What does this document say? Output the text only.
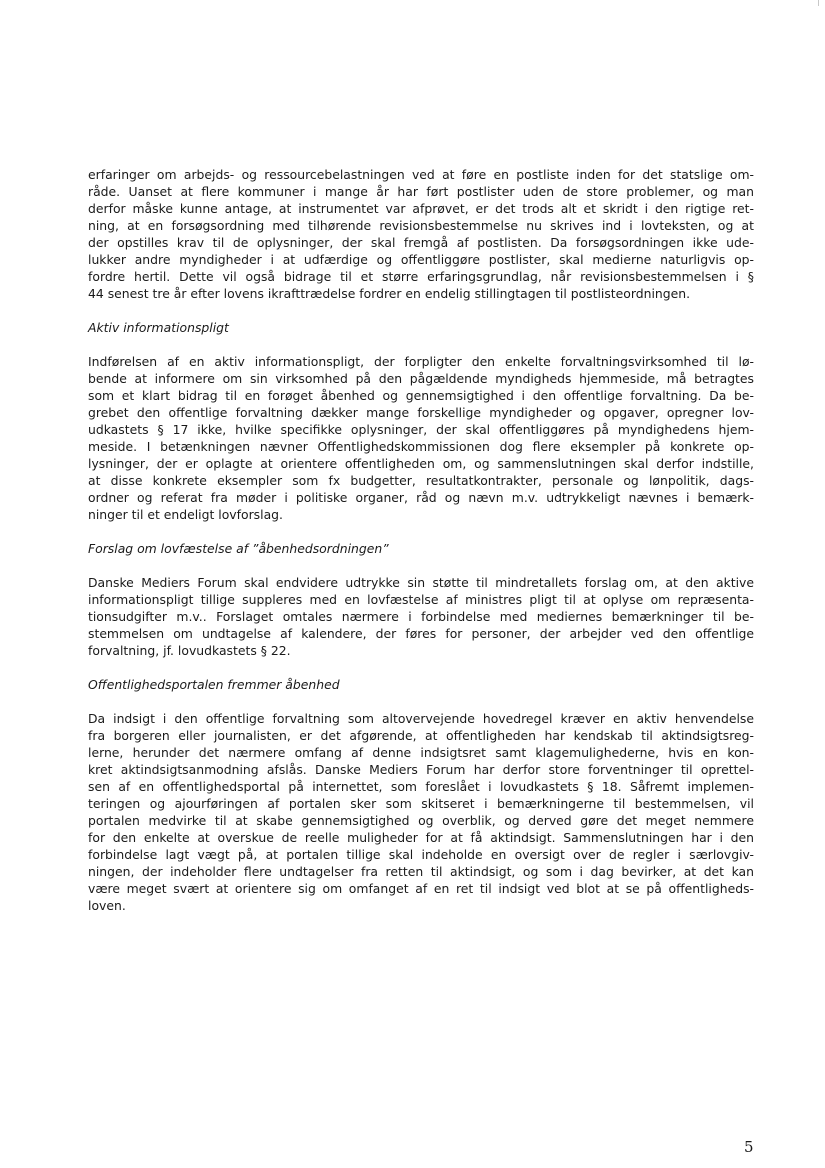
erfaringer om arbejds- og ressourcebelastningen ved at føre en postliste inden for det statslige om-
råde. Uanset at flere kommuner i mange år har ført postlister uden de store problemer, og man
derfor måske kunne antage, at instrumentet var afprøvet, er det trods alt et skridt i den rigtige ret-
ning, at en forsøgsordning med tilhørende revisionsbestemmelse nu skrives ind i lovteksten, og at
der opstilles krav til de oplysninger, der skal fremgå af postlisten. Da forsøgsordningen ikke ude-
lukker andre myndigheder i at udfærdige og offentliggøre postlister, skal medierne naturligvis op-
fordre hertil. Dette vil også bidrage til et større erfaringsgrundlag, når revisionsbestemmelsen i §
44 senest tre år efter lovens ikrafttrædelse fordrer en endelig stillingtagen til postlisteordningen.
Aktiv informationspligt
Indførelsen af en aktiv informationspligt, der forpligter den enkelte forvaltningsvirksomhed til lø-
bende at informere om sin virksomhed på den pågældende myndigheds hjemmeside, må betragtes
som et klart bidrag til en forøget åbenhed og gennemsigtighed i den offentlige forvaltning. Da be-
grebet den offentlige forvaltning dækker mange forskellige myndigheder og opgaver, opregner lov-
udkastets § 17 ikke, hvilke specifikke oplysninger, der skal offentliggøres på myndighedens hjem-
meside. I betænkningen nævner Offentlighedskommissionen dog flere eksempler på konkrete op-
lysninger, der er oplagte at orientere offentligheden om, og sammenslutningen skal derfor indstille,
at disse konkrete eksempler som fx budgetter, resultatkontrakter, personale og lønpolitik, dags-
ordner og referat fra møder i politiske organer, råd og nævn m.v. udtrykkeligt nævnes i bemærk-
ninger til et endeligt lovforslag.
Forslag om lovfæstelse af ”åbenhedsordningen”
Danske Mediers Forum skal endvidere udtrykke sin støtte til mindretallets forslag om, at den aktive
informationspligt tillige suppleres med en lovfæstelse af ministres pligt til at oplyse om repræsenta-
tionsudgifter m.v.. Forslaget omtales nærmere i forbindelse med mediernes bemærkninger til be-
stemmelsen om undtagelse af kalendere, der føres for personer, der arbejder ved den offentlige
forvaltning, jf. lovudkastets § 22.
Offentlighedsportalen fremmer åbenhed
Da indsigt i den offentlige forvaltning som altovervejende hovedregel kræver en aktiv henvendelse
fra borgeren eller journalisten, er det afgørende, at offentligheden har kendskab til aktindsigtsreg-
lerne, herunder det nærmere omfang af denne indsigtsret samt klagemulighederne, hvis en kon-
kret aktindsigtsanmodning afslås. Danske Mediers Forum har derfor store forventninger til oprettel-
sen af en offentlighedsportal på internettet, som foreslået i lovudkastets § 18. Såfremt implemen-
teringen og ajourføringen af portalen sker som skitseret i bemærkningerne til bestemmelsen, vil
portalen medvirke til at skabe gennemsigtighed og overblik, og derved gøre det meget nemmere
for den enkelte at overskue de reelle muligheder for at få aktindsigt. Sammenslutningen har i den
forbindelse lagt vægt på, at portalen tillige skal indeholde en oversigt over de regler i særlovgiv-
ningen, der indeholder flere undtagelser fra retten til aktindsigt, og som i dag bevirker, at det kan
være meget svært at orientere sig om omfanget af en ret til indsigt ved blot at se på offentligheds-
loven.
5
